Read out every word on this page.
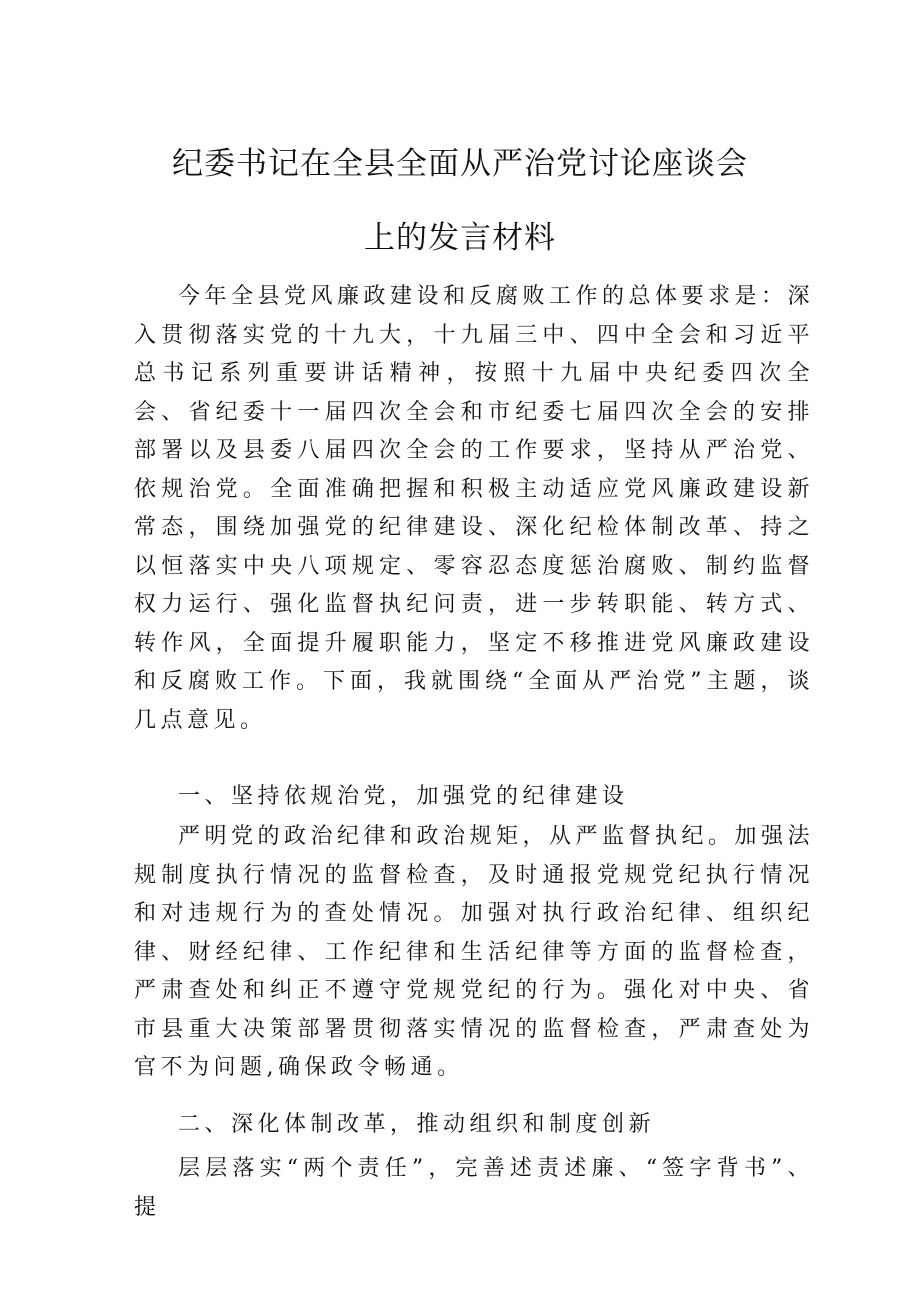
纪委书记在全县全面从严治党讨论座谈会
上的发言材料

今年全县党风廉政建设和反腐败工作的总体要求是：深入贯彻落实党的十九大，十九届三中、四中全会和习近平总书记系列重要讲话精神，按照十九届中央纪委四次全会、省纪委十一届四次全会和市纪委七届四次全会的安排部署以及县委八届四次全会的工作要求，坚持从严治党、依规治党。全面准确把握和积极主动适应党风廉政建设新常态，围绕加强党的纪律建设、深化纪检体制改革、持之以恒落实中央八项规定、零容忍态度惩治腐败、制约监督权力运行、强化监督执纪问责，进一步转职能、转方式、转作风，全面提升履职能力，坚定不移推进党风廉政建设和反腐败工作。下面，我就围绕“全面从严治党”主题，谈几点意见。

一、坚持依规治党，加强党的纪律建设

严明党的政治纪律和政治规矩，从严监督执纪。加强法规制度执行情况的监督检查，及时通报党规党纪执行情况和对违规行为的查处情况。加强对执行政治纪律、组织纪律、财经纪律、工作纪律和生活纪律等方面的监督检查，严肃查处和纠正不遵守党规党纪的行为。强化对中央、省市县重大决策部署贯彻落实情况的监督检查，严肃查处为官不为问题,确保政令畅通。

二、深化体制改革，推动组织和制度创新

层层落实“两个责任”，完善述责述廉、“签字背书”、提
